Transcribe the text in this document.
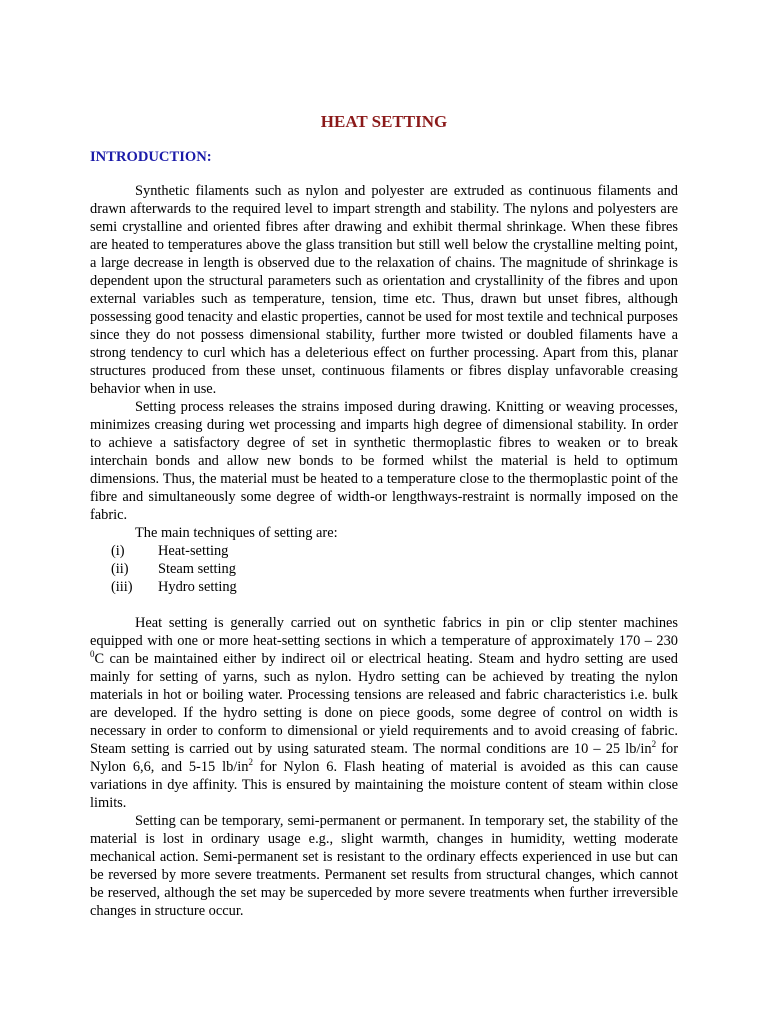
HEAT SETTING
INTRODUCTION:

Synthetic filaments such as nylon and polyester are extruded as continuous filaments and drawn afterwards to the required level to impart strength and stability. The nylons and polyesters are semi crystalline and oriented fibres after drawing and exhibit thermal shrinkage. When these fibres are heated to temperatures above the glass transition but still well below the crystalline melting point, a large decrease in length is observed due to the relaxation of chains. The magnitude of shrinkage is dependent upon the structural parameters such as orientation and crystallinity of the fibres and upon external variables such as temperature, tension, time etc. Thus, drawn but unset fibres, although possessing good tenacity and elastic properties, cannot be used for most textile and technical purposes since they do not possess dimensional stability, further more twisted or doubled filaments have a strong tendency to curl which has a deleterious effect on further processing. Apart from this, planar structures produced from these unset, continuous filaments or fibres display unfavorable creasing behavior when in use.

Setting process releases the strains imposed during drawing. Knitting or weaving processes, minimizes creasing during wet processing and imparts high degree of dimensional stability. In order to achieve a satisfactory degree of set in synthetic thermoplastic fibres to weaken or to break interchain bonds and allow new bonds to be formed whilst the material is held to optimum dimensions. Thus, the material must be heated to a temperature close to the thermoplastic point of the fibre and simultaneously some degree of width-or lengthways-restraint is normally imposed on the fabric.

The main techniques of setting are:

(i)	Heat-setting
(ii)	Steam setting
(iii)	Hydro setting

Heat setting is generally carried out on synthetic fabrics in pin or clip stenter machines equipped with one or more heat-setting sections in which a temperature of approximately 170 – 230 $^0$C can be maintained either by indirect oil or electrical heating. Steam and hydro setting are used mainly for setting of yarns, such as nylon. Hydro setting can be achieved by treating the nylon materials in hot or boiling water. Processing tensions are released and fabric characteristics i.e. bulk are developed. If the hydro setting is done on piece goods, some degree of control on width is necessary in order to conform to dimensional or yield requirements and to avoid creasing of fabric. Steam setting is carried out by using saturated steam. The normal conditions are 10 – 25 $lb/in^2$ for Nylon 6,6, and 5-15 $lb/in^2$ for Nylon 6. Flash heating of material is avoided as this can cause variations in dye affinity. This is ensured by maintaining the moisture content of steam within close limits.

Setting can be temporary, semi-permanent or permanent. In temporary set, the stability of the material is lost in ordinary usage e.g., slight warmth, changes in humidity, wetting moderate mechanical action. Semi-permanent set is resistant to the ordinary effects experienced in use but can be reversed by more severe treatments. Permanent set results from structural changes, which cannot be reserved, although the set may be superceded by more severe treatments when further irreversible changes in structure occur.
